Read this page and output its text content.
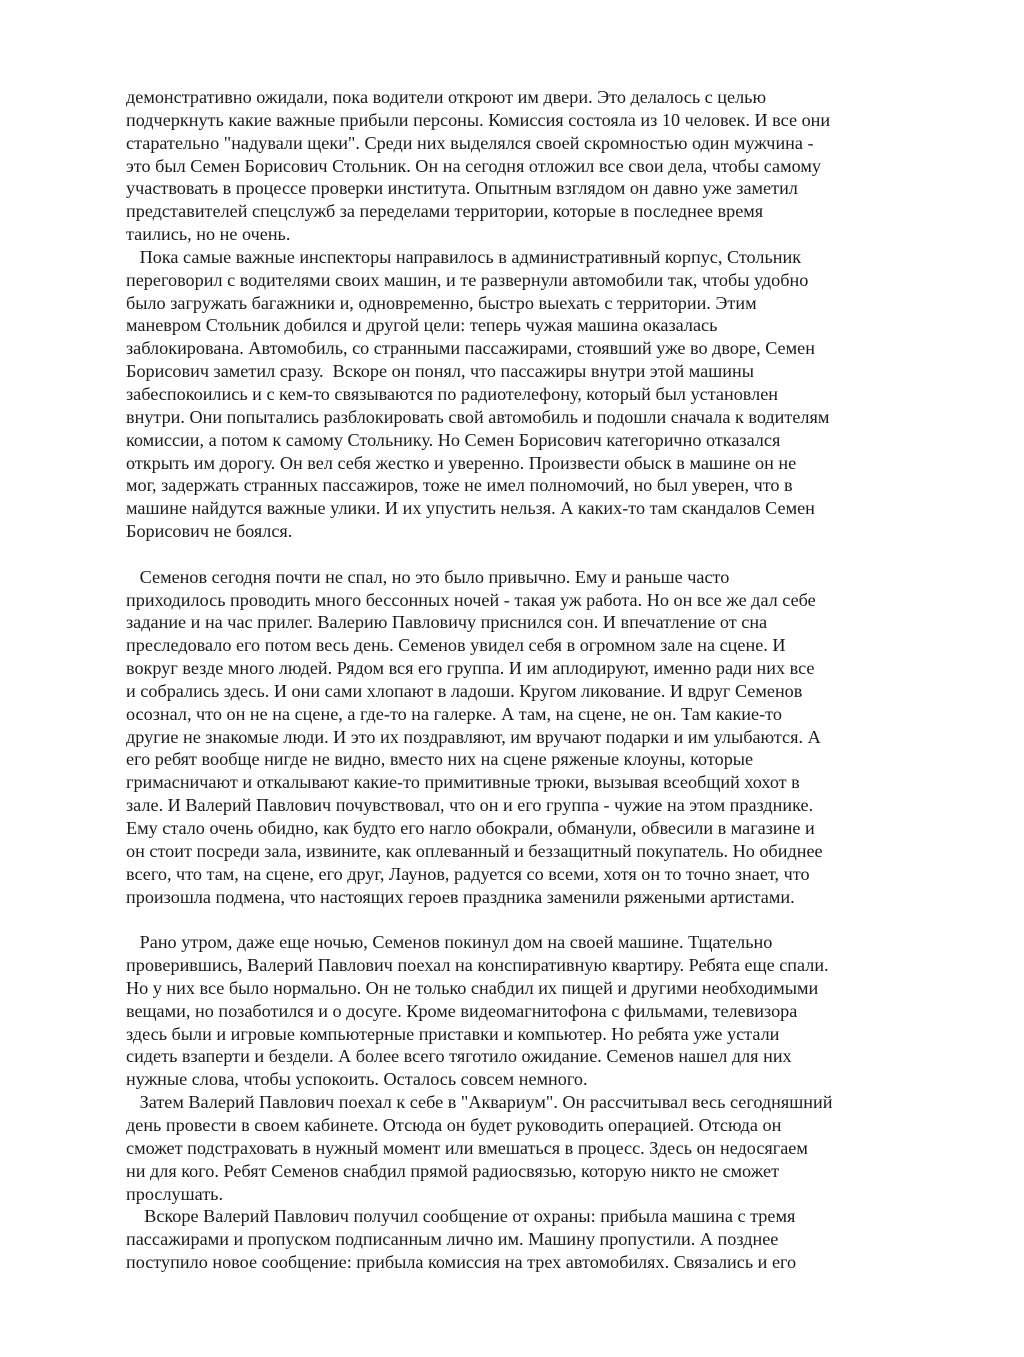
демонстративно ожидали, пока водители откроют им двери. Это делалось с целью
подчеркнуть какие важные прибыли персоны. Комиссия состояла из 10 человек. И все они
старательно "надували щеки". Среди них выделялся своей скромностью один мужчина -
это был Семен Борисович Стольник. Он на сегодня отложил все свои дела, чтобы самому
участвовать в процессе проверки института. Опытным взглядом он давно уже заметил
представителей спецслужб за переделами территории, которые в последнее время
таились, но не очень.
Пока самые важные инспекторы направилось в административный корпус, Стольник
переговорил с водителями своих машин, и те развернули автомобили так, чтобы удобно
было загружать багажники и, одновременно, быстро выехать с территории. Этим
маневром Стольник добился и другой цели: теперь чужая машина оказалась
заблокирована. Автомобиль, со странными пассажирами, стоявший уже во дворе, Семен
Борисович заметил сразу.  Вскоре он понял, что пассажиры внутри этой машины
забеспокоились и с кем-то связываются по радиотелефону, который был установлен
внутри. Они попытались разблокировать свой автомобиль и подошли сначала к водителям
комиссии, а потом к самому Стольнику. Но Семен Борисович категорично отказался
открыть им дорогу. Он вел себя жестко и уверенно. Произвести обыск в машине он не
мог, задержать странных пассажиров, тоже не имел полномочий, но был уверен, что в
машине найдутся важные улики. И их упустить нельзя. А каких-то там скандалов Семен
Борисович не боялся.
Семенов сегодня почти не спал, но это было привычно. Ему и раньше часто
приходилось проводить много бессонных ночей - такая уж работа. Но он все же дал себе
задание и на час прилег. Валерию Павловичу приснился сон. И впечатление от сна
преследовало его потом весь день. Семенов увидел себя в огромном зале на сцене. И
вокруг везде много людей. Рядом вся его группа. И им аплодируют, именно ради них все
и собрались здесь. И они сами хлопают в ладоши. Кругом ликование. И вдруг Семенов
осознал, что он не на сцене, а где-то на галерке. А там, на сцене, не он. Там какие-то
другие не знакомые люди. И это их поздравляют, им вручают подарки и им улыбаются. А
его ребят вообще нигде не видно, вместо них на сцене ряженые клоуны, которые
гримасничают и откалывают какие-то примитивные трюки, вызывая всеобщий хохот в
зале. И Валерий Павлович почувствовал, что он и его группа - чужие на этом празднике.
Ему стало очень обидно, как будто его нагло обокрали, обманули, обвесили в магазине и
он стоит посреди зала, извините, как оплеванный и беззащитный покупатель. Но обиднее
всего, что там, на сцене, его друг, Лаунов, радуется со всеми, хотя он то точно знает, что
произошла подмена, что настоящих героев праздника заменили ряжеными артистами.
Рано утром, даже еще ночью, Семенов покинул дом на своей машине. Тщательно
проверившись, Валерий Павлович поехал на конспиративную квартиру. Ребята еще спали.
Но у них все было нормально. Он не только снабдил их пищей и другими необходимыми
вещами, но позаботился и о досуге. Кроме видеомагнитофона с фильмами, телевизора
здесь были и игровые компьютерные приставки и компьютер. Но ребята уже устали
сидеть взаперти и бездели. А более всего тяготило ожидание. Семенов нашел для них
нужные слова, чтобы успокоить. Осталось совсем немного.
Затем Валерий Павлович поехал к себе в "Аквариум". Он рассчитывал весь сегодняшний
день провести в своем кабинете. Отсюда он будет руководить операцией. Отсюда он
сможет подстраховать в нужный момент или вмешаться в процесс. Здесь он недосягаем
ни для кого. Ребят Семенов снабдил прямой радиосвязью, которую никто не сможет
прослушать.
Вскоре Валерий Павлович получил сообщение от охраны: прибыла машина с тремя
пассажирами и пропуском подписанным лично им. Машину пропустили. А позднее
поступило новое сообщение: прибыла комиссия на трех автомобилях. Связались и его
